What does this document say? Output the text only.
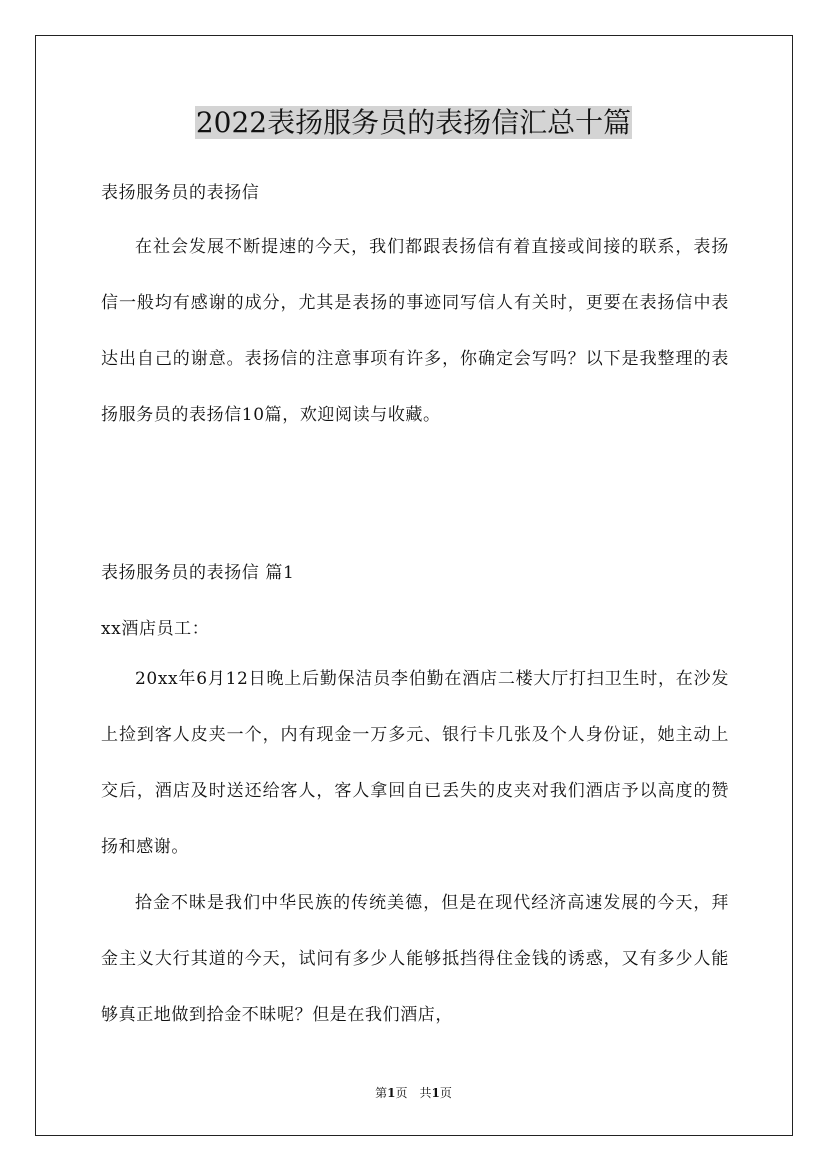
2022表扬服务员的表扬信汇总十篇

表扬服务员的表扬信

在社会发展不断提速的今天，我们都跟表扬信有着直接或间接的联系，表扬信一般均有感谢的成分，尤其是表扬的事迹同写信人有关时，更要在表扬信中表达出自己的谢意。表扬信的注意事项有许多，你确定会写吗？以下是我整理的表扬服务员的表扬信10篇，欢迎阅读与收藏。

表扬服务员的表扬信 篇1

xx酒店员工：

20xx年6月12日晚上后勤保洁员李伯勤在酒店二楼大厅打扫卫生时，在沙发上捡到客人皮夹一个，内有现金一万多元、银行卡几张及个人身份证，她主动上交后，酒店及时送还给客人，客人拿回自已丢失的皮夹对我们酒店予以高度的赞扬和感谢。

拾金不昧是我们中华民族的传统美德，但是在现代经济高速发展的今天，拜金主义大行其道的今天，试问有多少人能够抵挡得住金钱的诱惑，又有多少人能够真正地做到拾金不昧呢？但是在我们酒店，

第1页 共1页
